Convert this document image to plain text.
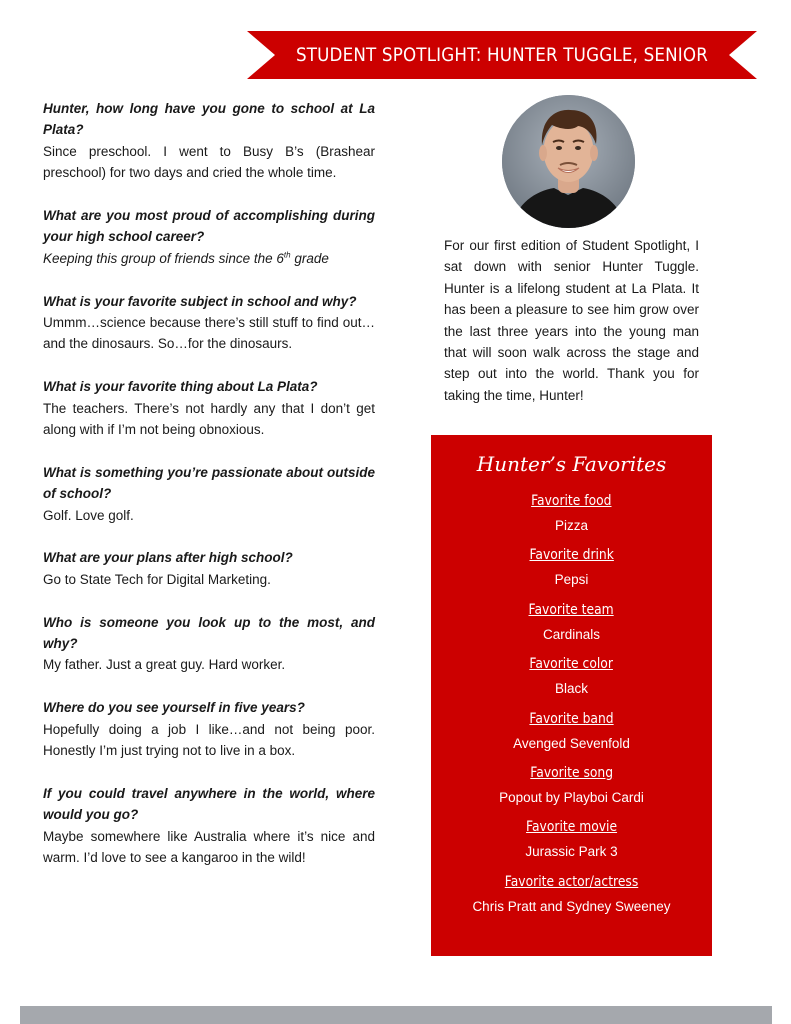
STUDENT SPOTLIGHT: HUNTER TUGGLE, SENIOR
Hunter, how long have you gone to school at La Plata?
Since preschool. I went to Busy B’s (Brashear preschool) for two days and cried the whole time.
What are you most proud of accomplishing during your high school career?
Keeping this group of friends since the 6th grade
What is your favorite subject in school and why?
Ummm…science because there’s still stuff to find out…and the dinosaurs. So…for the dinosaurs.
What is your favorite thing about La Plata?
The teachers. There’s not hardly any that I don’t get along with if I’m not being obnoxious.
What is something you’re passionate about outside of school?
Golf. Love golf.
What are your plans after high school?
Go to State Tech for Digital Marketing.
Who is someone you look up to the most, and why?
My father. Just a great guy. Hard worker.
Where do you see yourself in five years?
Hopefully doing a job I like…and not being poor. Honestly I’m just trying not to live in a box.
If you could travel anywhere in the world, where would you go?
Maybe somewhere like Australia where it’s nice and warm. I’d love to see a kangaroo in the wild!
For our first edition of Student Spotlight, I sat down with senior Hunter Tuggle. Hunter is a lifelong student at La Plata. It has been a pleasure to see him grow over the last three years into the young man that will soon walk across the stage and step out into the world. Thank you for taking the time, Hunter!
Hunter’s Favorites
Favorite food
Pizza
Favorite drink
Pepsi
Favorite team
Cardinals
Favorite color
Black
Favorite band
Avenged Sevenfold
Favorite song
Popout by Playboi Cardi
Favorite movie
Jurassic Park 3
Favorite actor/actress
Chris Pratt and Sydney Sweeney
